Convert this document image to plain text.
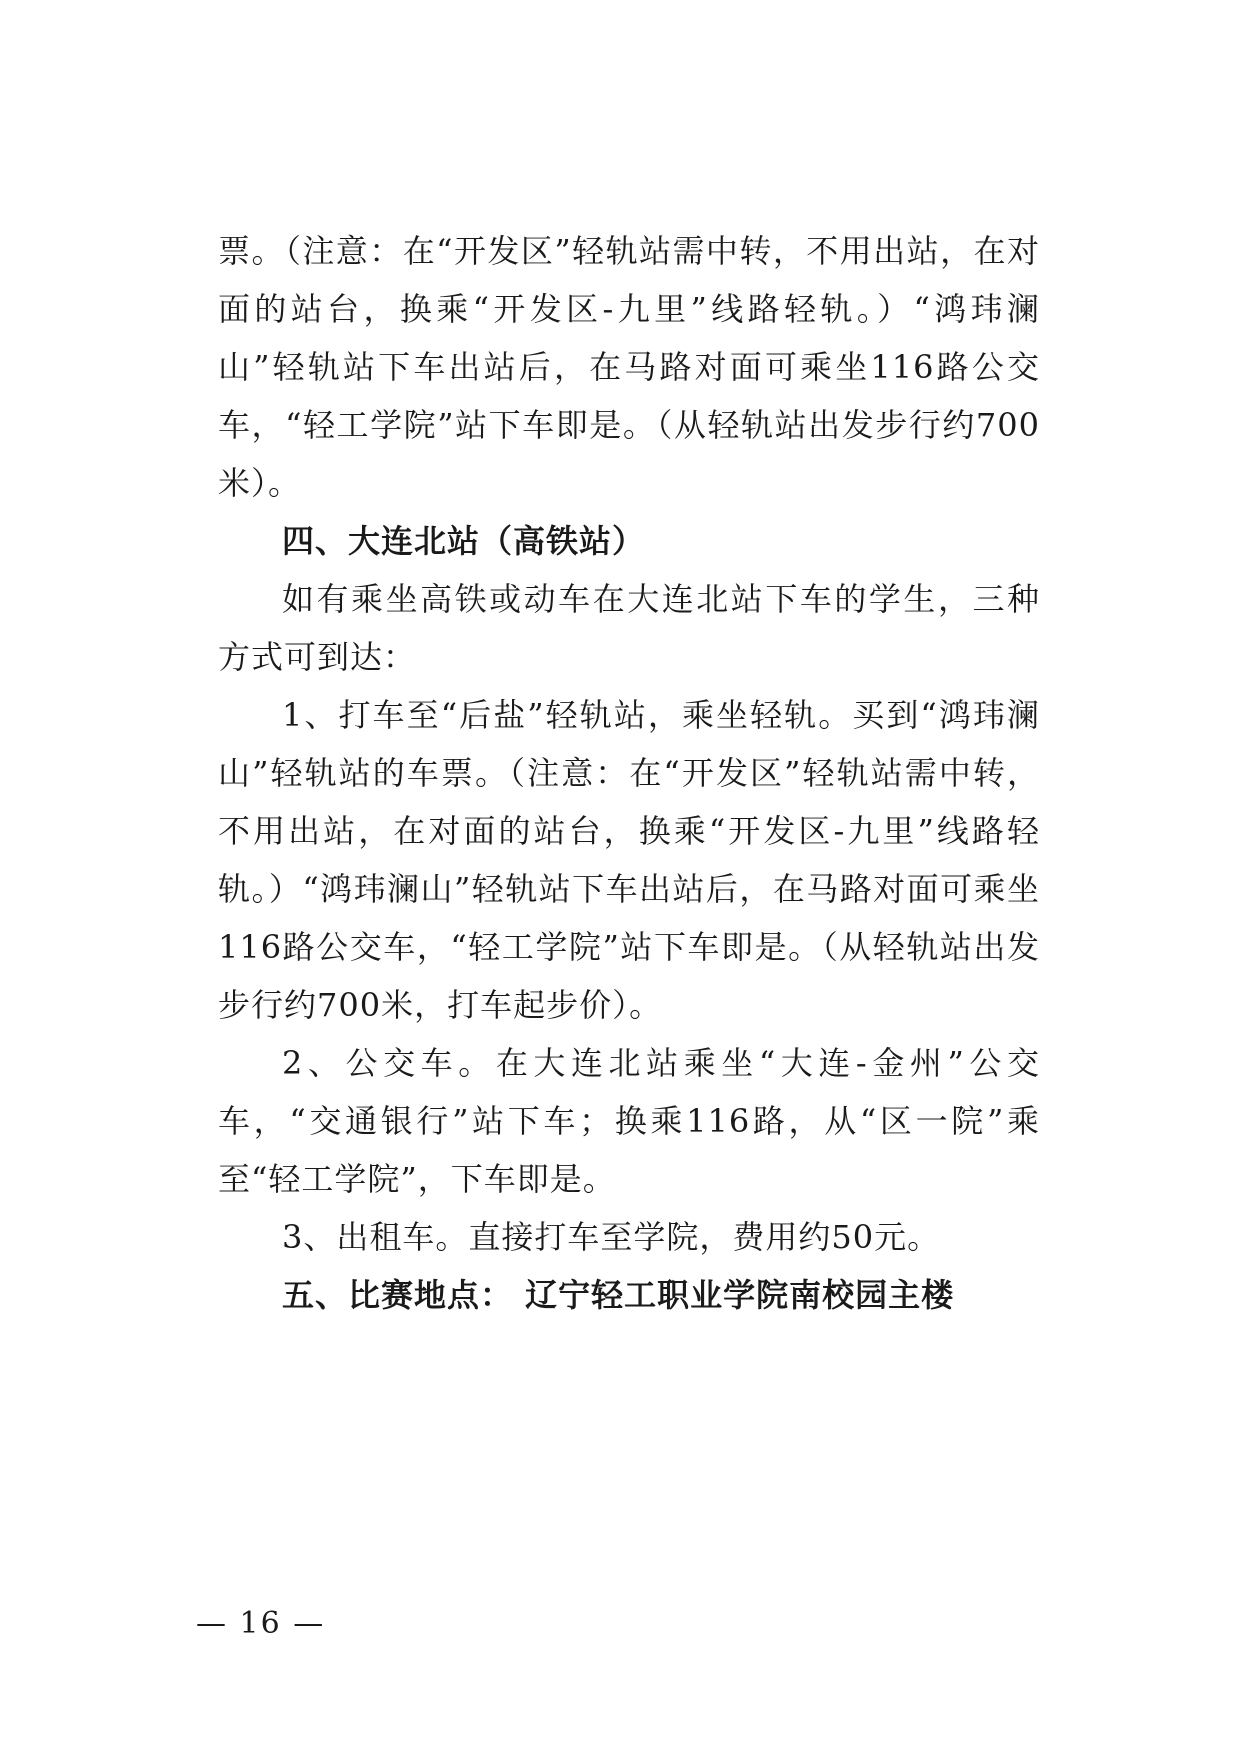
票。（注意：在“开发区”轻轨站需中转，不用出站，在对面的站台，换乘“开发区-九里”线路轻轨。）“鸿玮澜山”轻轨站下车出站后，在马路对面可乘坐116路公交车，“轻工学院”站下车即是。（从轻轨站出发步行约700米）。

四、大连北站（高铁站）

如有乘坐高铁或动车在大连北站下车的学生，三种方式可到达：

1、打车至“后盐”轻轨站，乘坐轻轨。买到“鸿玮澜山”轻轨站的车票。（注意：在“开发区”轻轨站需中转，不用出站，在对面的站台，换乘“开发区-九里”线路轻轨。）“鸿玮澜山”轻轨站下车出站后，在马路对面可乘坐116路公交车，“轻工学院”站下车即是。（从轻轨站出发步行约700米，打车起步价）。

2、公交车。在大连北站乘坐“大连-金州”公交车，“交通银行”站下车；换乘116路，从“区一院”乘至“轻工学院”，下车即是。

3、出租车。直接打车至学院，费用约50元。

五、比赛地点： 辽宁轻工职业学院南校园主楼

— 16 —
